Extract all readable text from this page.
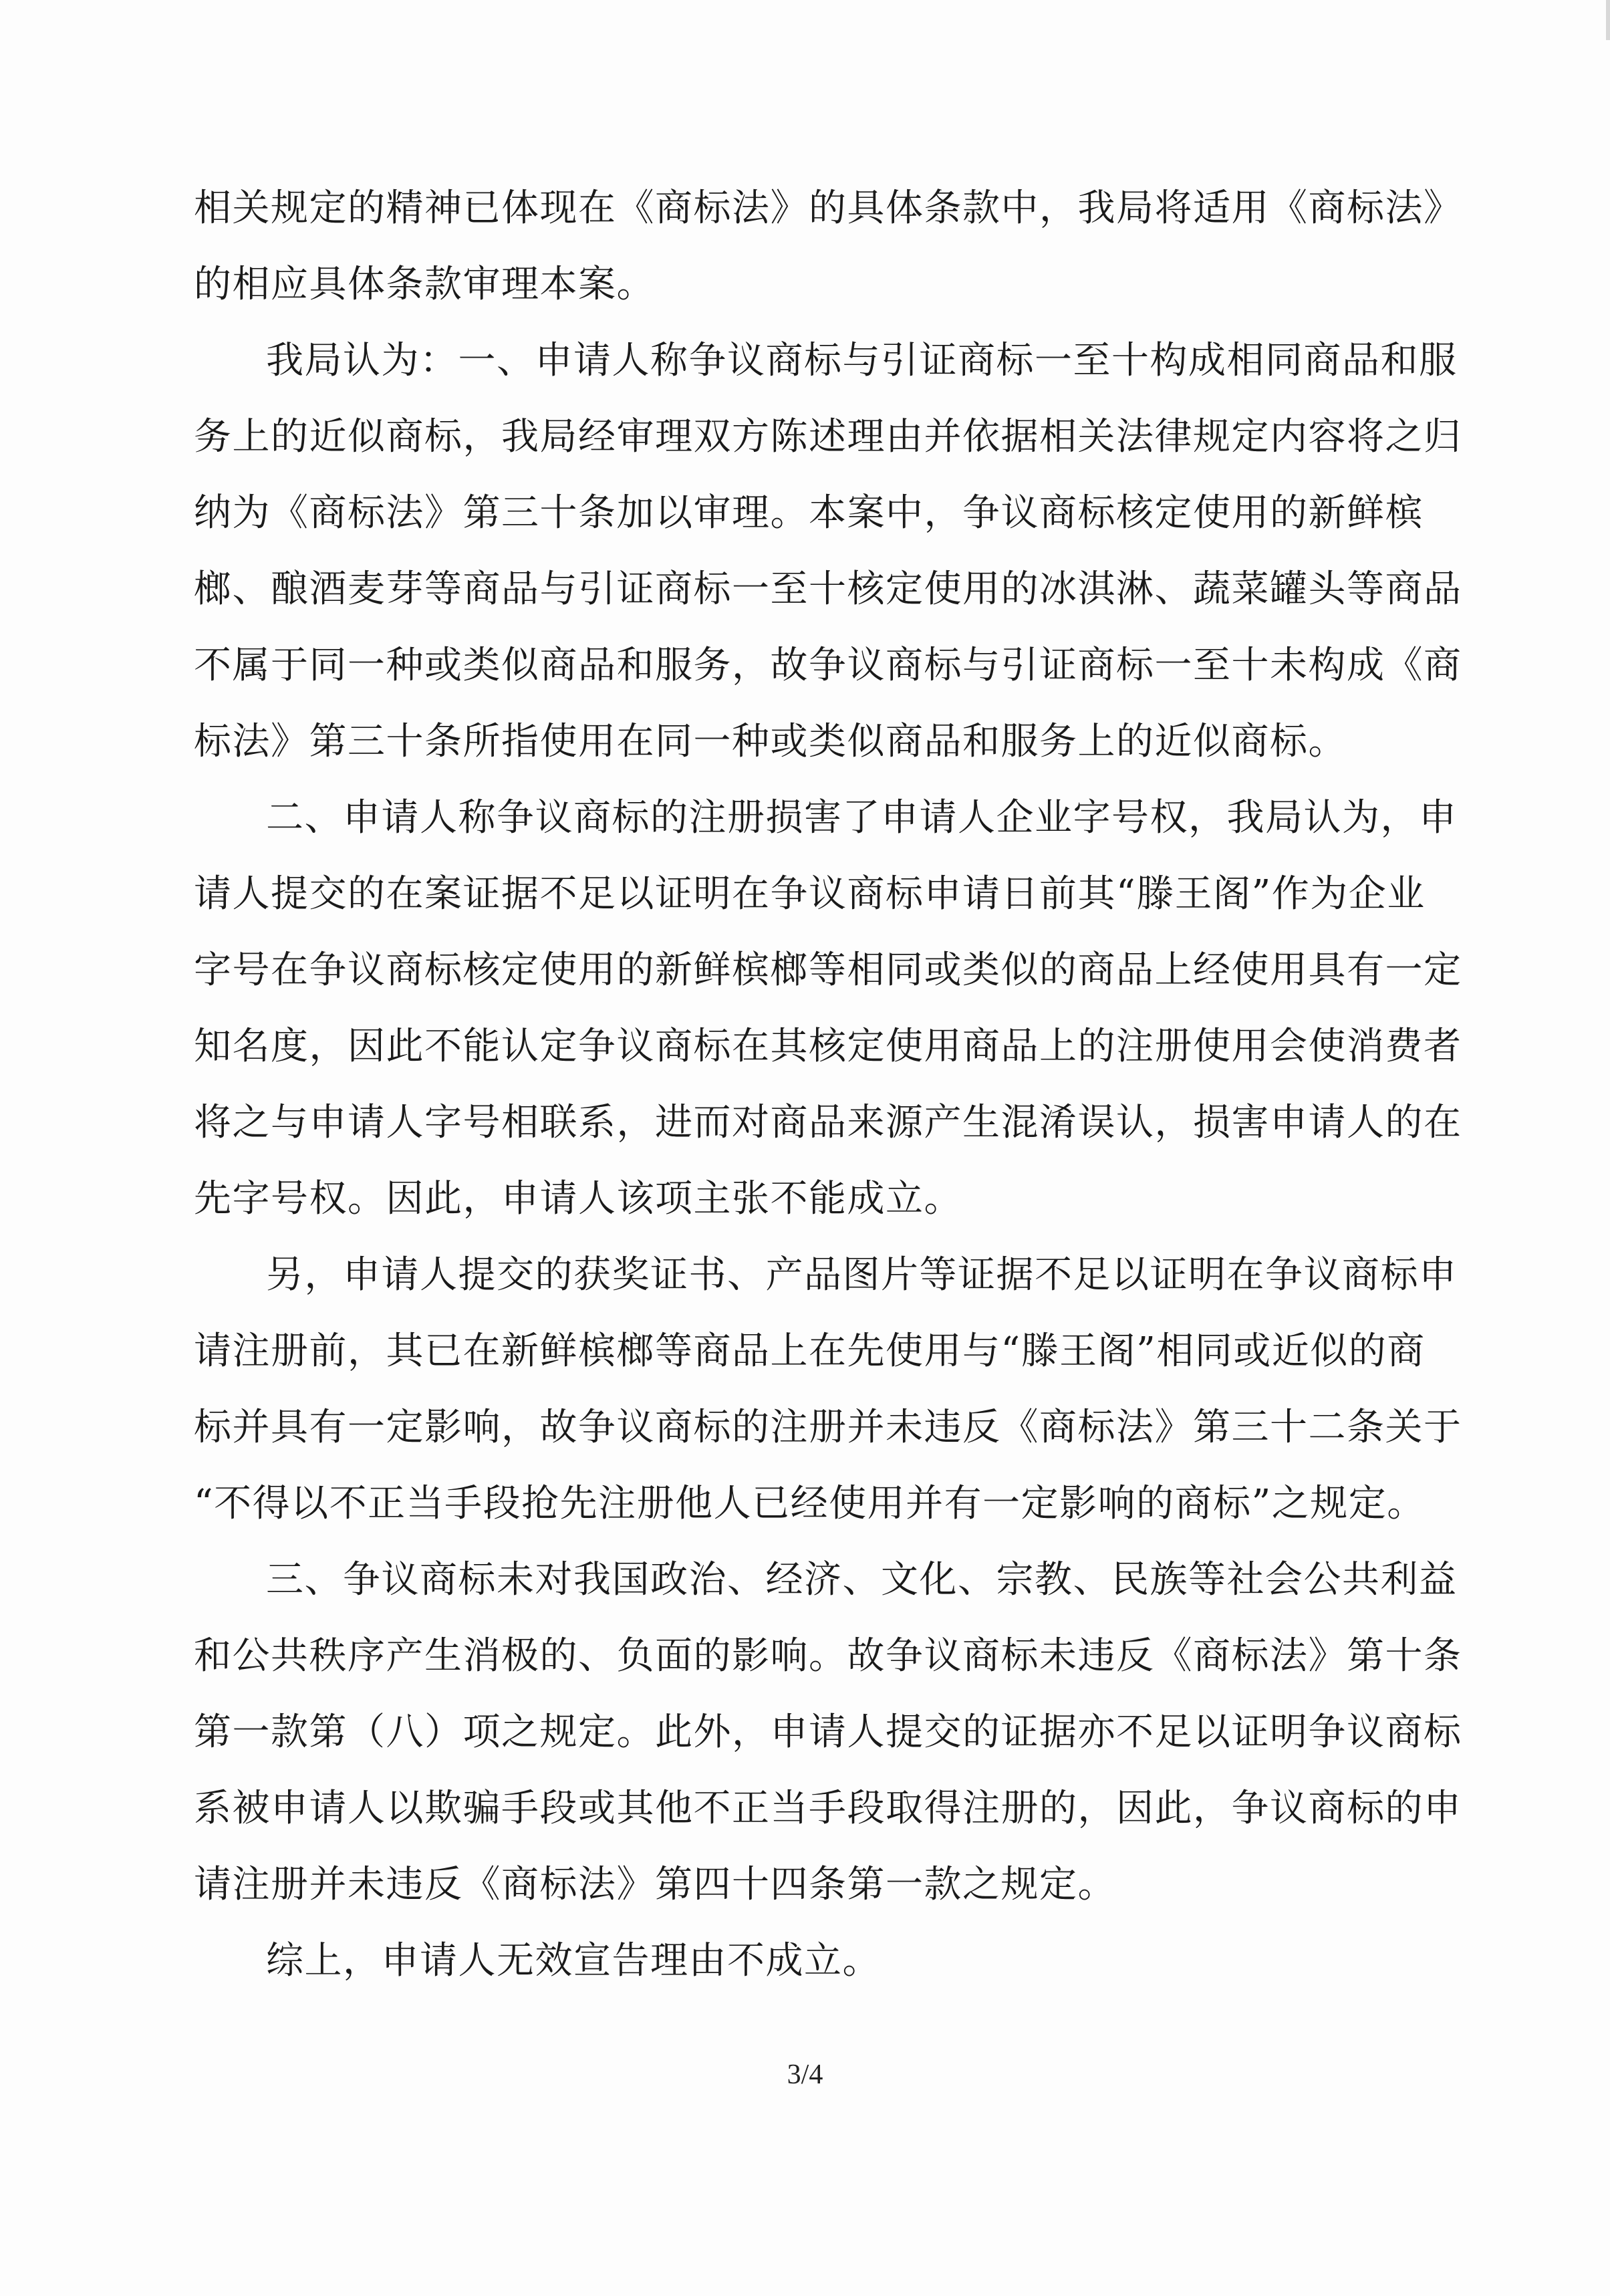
相关规定的精神已体现在《商标法》的具体条款中，我局将适用《商标法》
的相应具体条款审理本案。
我局认为：一、申请人称争议商标与引证商标一至十构成相同商品和服
务上的近似商标，我局经审理双方陈述理由并依据相关法律规定内容将之归
纳为《商标法》第三十条加以审理。本案中，争议商标核定使用的新鲜槟
榔、酿酒麦芽等商品与引证商标一至十核定使用的冰淇淋、蔬菜罐头等商品
不属于同一种或类似商品和服务，故争议商标与引证商标一至十未构成《商
标法》第三十条所指使用在同一种或类似商品和服务上的近似商标。
二、申请人称争议商标的注册损害了申请人企业字号权，我局认为，申
请人提交的在案证据不足以证明在争议商标申请日前其“滕王阁”作为企业
字号在争议商标核定使用的新鲜槟榔等相同或类似的商品上经使用具有一定
知名度，因此不能认定争议商标在其核定使用商品上的注册使用会使消费者
将之与申请人字号相联系，进而对商品来源产生混淆误认，损害申请人的在
先字号权。因此，申请人该项主张不能成立。
另，申请人提交的获奖证书、产品图片等证据不足以证明在争议商标申
请注册前，其已在新鲜槟榔等商品上在先使用与“滕王阁”相同或近似的商
标并具有一定影响，故争议商标的注册并未违反《商标法》第三十二条关于
“不得以不正当手段抢先注册他人已经使用并有一定影响的商标”之规定。
三、争议商标未对我国政治、经济、文化、宗教、民族等社会公共利益
和公共秩序产生消极的、负面的影响。故争议商标未违反《商标法》第十条
第一款第（八）项之规定。此外，申请人提交的证据亦不足以证明争议商标
系被申请人以欺骗手段或其他不正当手段取得注册的，因此，争议商标的申
请注册并未违反《商标法》第四十四条第一款之规定。
综上，申请人无效宣告理由不成立。
3/4
